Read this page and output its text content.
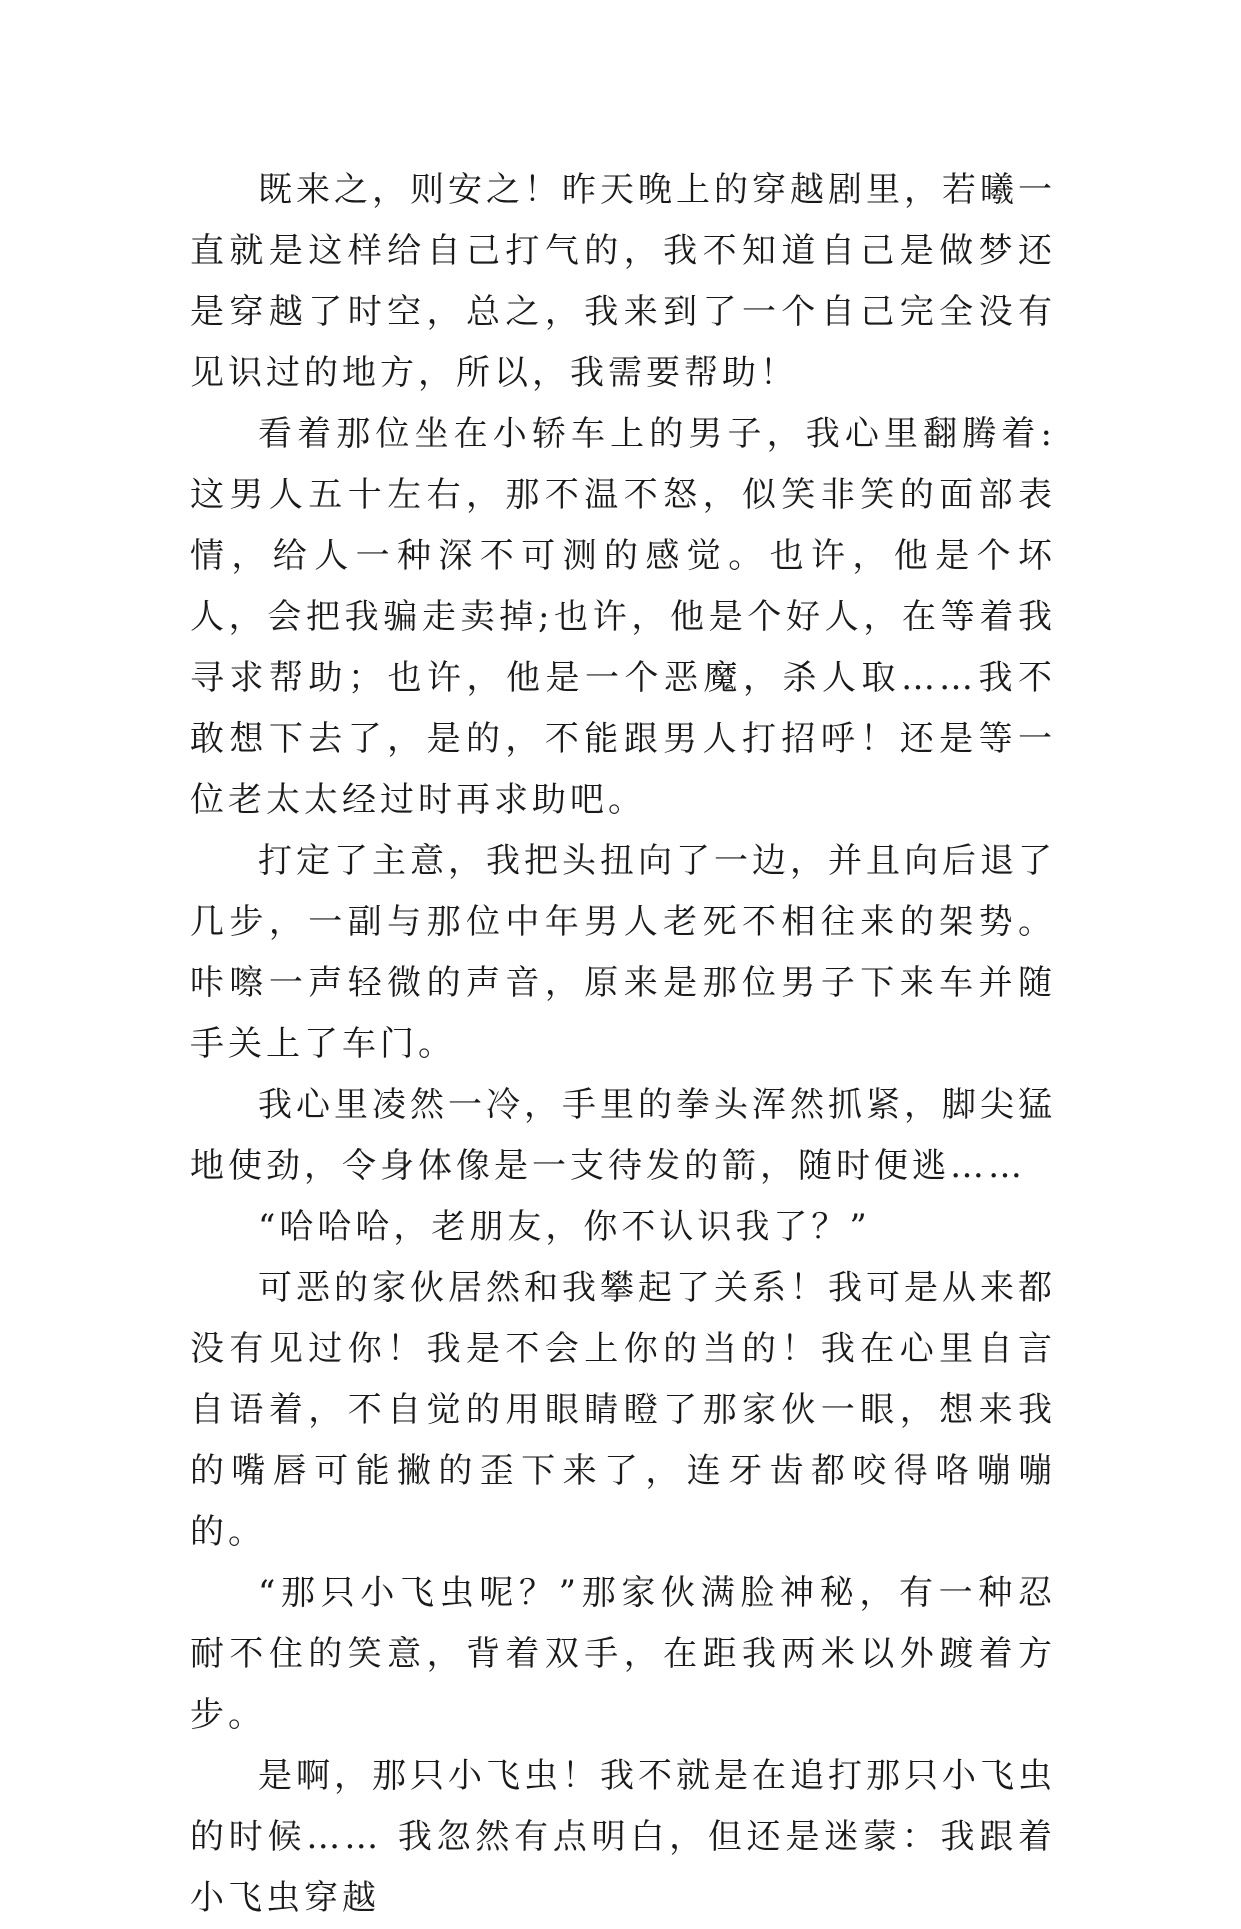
既来之，则安之！昨天晚上的穿越剧里，若曦一直就是这样给自己打气的，我不知道自己是做梦还是穿越了时空，总之，我来到了一个自己完全没有见识过的地方，所以，我需要帮助！

看着那位坐在小轿车上的男子，我心里翻腾着:这男人五十左右，那不温不怒，似笑非笑的面部表情，给人一种深不可测的感觉。也许，他是个坏人，会把我骗走卖掉;也许，他是个好人，在等着我寻求帮助；也许，他是一个恶魔，杀人取……我不敢想下去了，是的，不能跟男人打招呼！还是等一位老太太经过时再求助吧。

打定了主意，我把头扭向了一边，并且向后退了几步，一副与那位中年男人老死不相往来的架势。 咔嚓一声轻微的声音，原来是那位男子下来车并随手关上了车门。

我心里凌然一冷，手里的拳头浑然抓紧，脚尖猛地使劲，令身体像是一支待发的箭，随时便逃……

“哈哈哈，老朋友，你不认识我了？”

可恶的家伙居然和我攀起了关系！我可是从来都没有见过你！我是不会上你的当的！我在心里自言自语着，不自觉的用眼睛瞪了那家伙一眼，想来我的嘴唇可能撇的歪下来了，连牙齿都咬得咯嘣嘣的。

“那只小飞虫呢？”那家伙满脸神秘，有一种忍耐不住的笑意，背着双手，在距我两米以外踱着方步。

是啊，那只小飞虫！我不就是在追打那只小飞虫的时候…… 我忽然有点明白，但还是迷蒙：我跟着小飞虫穿越
